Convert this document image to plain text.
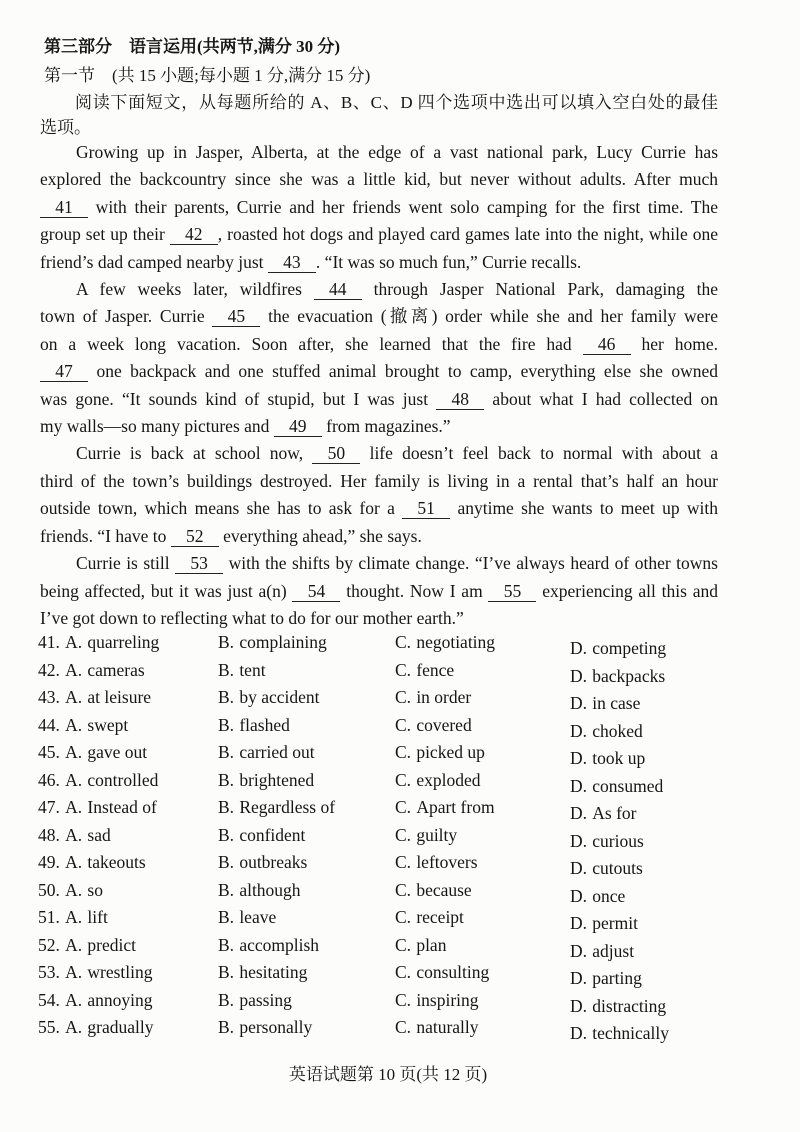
第三部分　语言运用(共两节,满分 30 分)
第一节　(共 15 小题;每小题 1 分,满分 15 分)
阅读下面短文，从每题所给的 A、B、C、D 四个选项中选出可以填入空白处的最佳
选项。
Growing up in Jasper, Alberta, at the edge of a vast national park, Lucy Currie has
explored the backcountry since she was a little kid, but never without adults. After much
41 with their parents, Currie and her friends went solo camping for the first time. The
group set up their 42 , roasted hot dogs and played card games late into the night, while one
friend’s dad camped nearby just 43 . “It was so much fun,” Currie recalls.
A few weeks later, wildfires 44 through Jasper National Park, damaging the
town of Jasper. Currie 45 the evacuation (撤离) order while she and her family were
on a week long vacation. Soon after, she learned that the fire had 46 her home.
47 one backpack and one stuffed animal brought to camp, everything else she owned
was gone. “It sounds kind of stupid, but I was just 48 about what I had collected on
my walls—so many pictures and 49 from magazines.”
Currie is back at school now, 50 life doesn’t feel back to normal with about a
third of the town’s buildings destroyed. Her family is living in a rental that’s half an hour
outside town, which means she has to ask for a 51 anytime she wants to meet up with
friends. “I have to 52 everything ahead,” she says.
Currie is still 53 with the shifts by climate change. “I’ve always heard of other towns
being affected, but it was just a(n) 54 thought. Now I am 55 experiencing all this and
I’ve got down to reflecting what to do for our mother earth.”
41. A. quarreling	B. complaining	C. negotiating	D. competing
42. A. cameras	B. tent	C. fence	D. backpacks
43. A. at leisure	B. by accident	C. in order	D. in case
44. A. swept	B. flashed	C. covered	D. choked
45. A. gave out	B. carried out	C. picked up	D. took up
46. A. controlled	B. brightened	C. exploded	D. consumed
47. A. Instead of	B. Regardless of	C. Apart from	D. As for
48. A. sad	B. confident	C. guilty	D. curious
49. A. takeouts	B. outbreaks	C. leftovers	D. cutouts
50. A. so	B. although	C. because	D. once
51. A. lift	B. leave	C. receipt	D. permit
52. A. predict	B. accomplish	C. plan	D. adjust
53. A. wrestling	B. hesitating	C. consulting	D. parting
54. A. annoying	B. passing	C. inspiring	D. distracting
55. A. gradually	B. personally	C. naturally	D. technically
英语试题第 10 页(共 12 页)
